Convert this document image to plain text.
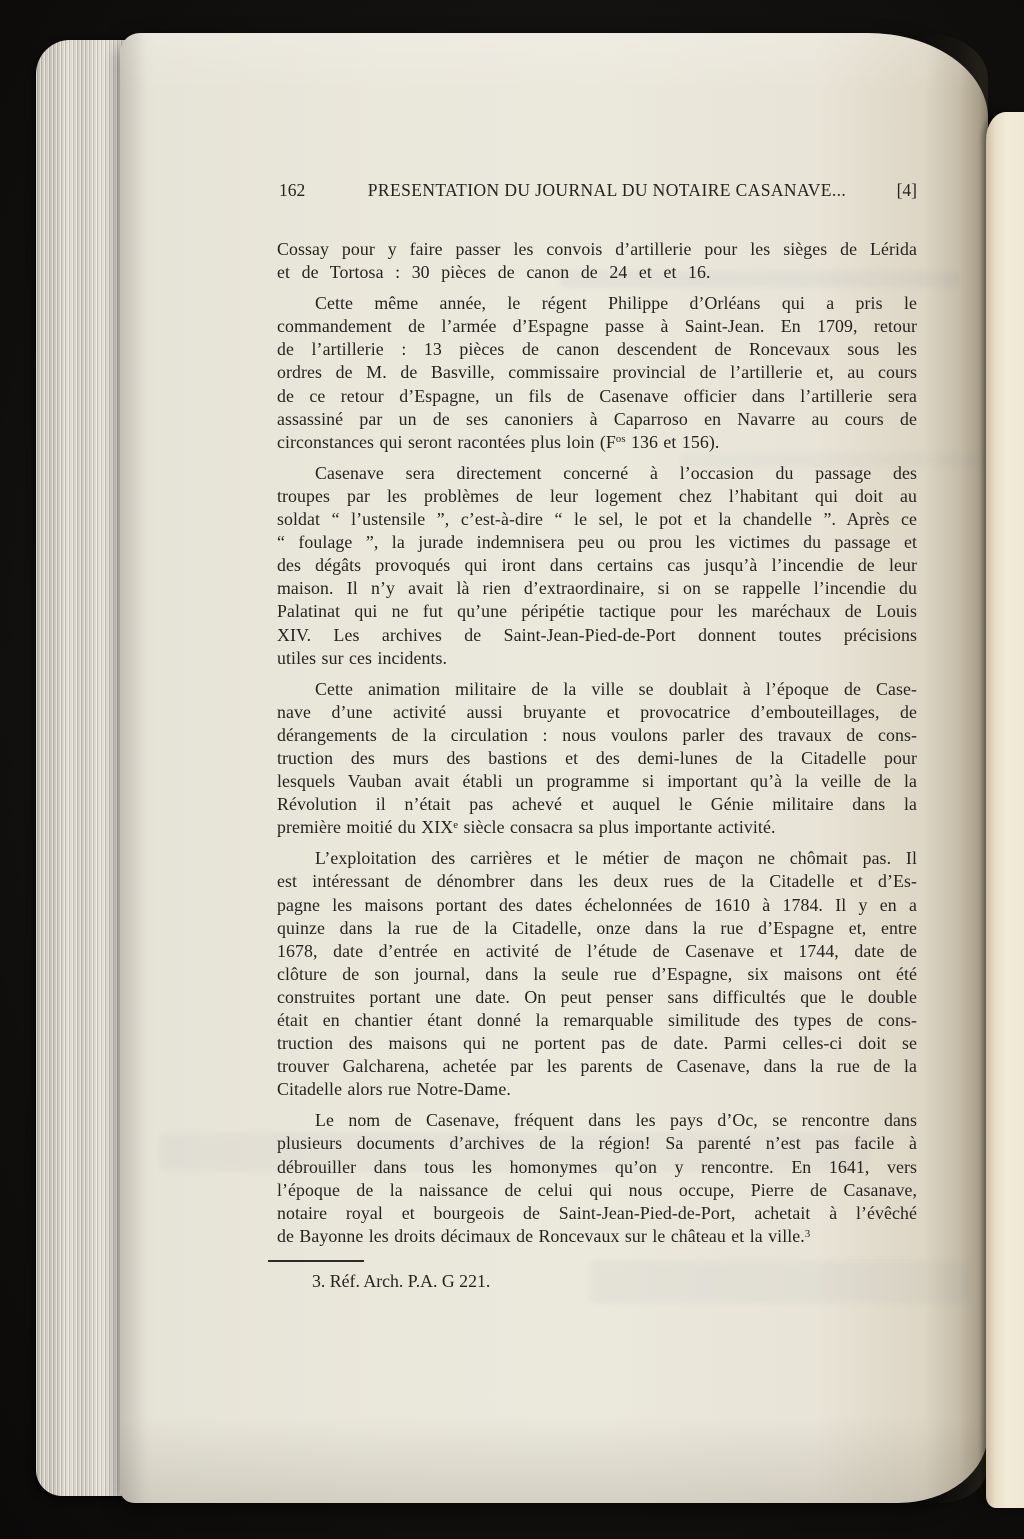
162	PRESENTATION DU JOURNAL DU NOTAIRE CASANAVE...	[4]
Cossay pour y faire passer les convois d’artillerie pour les sièges de Lérida
et de Tortosa : 30 pièces de canon de 24 et et 16.
Cette même année, le régent Philippe d’Orléans qui a pris le
commandement de l’armée d’Espagne passe à Saint-Jean. En 1709, retour
de l’artillerie : 13 pièces de canon descendent de Roncevaux sous les
ordres de M. de Basville, commissaire provincial de l’artillerie et, au cours
de ce retour d’Espagne, un fils de Casenave officier dans l’artillerie sera
assassiné par un de ses canoniers à Caparroso en Navarre au cours de
circonstances qui seront racontées plus loin ($F^{os}$ 136 et 156).
Casenave sera directement concerné à l’occasion du passage des
troupes par les problèmes de leur logement chez l’habitant qui doit au
soldat “ l’ustensile ”, c’est-à-dire “ le sel, le pot et la chandelle ”. Après ce
“ foulage ”, la jurade indemnisera peu ou prou les victimes du passage et
des dégâts provoqués qui iront dans certains cas jusqu’à l’incendie de leur
maison. Il n’y avait là rien d’extraordinaire, si on se rappelle l’incendie du
Palatinat qui ne fut qu’une péripétie tactique pour les maréchaux de Louis
XIV. Les archives de Saint-Jean-Pied-de-Port donnent toutes précisions
utiles sur ces incidents.
Cette animation militaire de la ville se doublait à l’époque de Case-
nave d’une activité aussi bruyante et provocatrice d’embouteillages, de
dérangements de la circulation : nous voulons parler des travaux de cons-
truction des murs des bastions et des demi-lunes de la Citadelle pour
lesquels Vauban avait établi un programme si important qu’à la veille de la
Révolution il n’était pas achevé et auquel le Génie militaire dans la
première moitié du XIXe siècle consacra sa plus importante activité.
L’exploitation des carrières et le métier de maçon ne chômait pas. Il
est intéressant de dénombrer dans les deux rues de la Citadelle et d’Es-
pagne les maisons portant des dates échelonnées de 1610 à 1784. Il y en a
quinze dans la rue de la Citadelle, onze dans la rue d’Espagne et, entre
1678, date d’entrée en activité de l’étude de Casenave et 1744, date de
clôture de son journal, dans la seule rue d’Espagne, six maisons ont été
construites portant une date. On peut penser sans difficultés que le double
était en chantier étant donné la remarquable similitude des types de cons-
truction des maisons qui ne portent pas de date. Parmi celles-ci doit se
trouver Galcharena, achetée par les parents de Casenave, dans la rue de la
Citadelle alors rue Notre-Dame.
Le nom de Casenave, fréquent dans les pays d’Oc, se rencontre dans
plusieurs documents d’archives de la région! Sa parenté n’est pas facile à
débrouiller dans tous les homonymes qu’on y rencontre. En 1641, vers
l’époque de la naissance de celui qui nous occupe, Pierre de Casanave,
notaire royal et bourgeois de Saint-Jean-Pied-de-Port, achetait à l’évêché
de Bayonne les droits décimaux de Roncevaux sur le château et la ville.$^3$
3. Réf. Arch. P.A. G 221.
